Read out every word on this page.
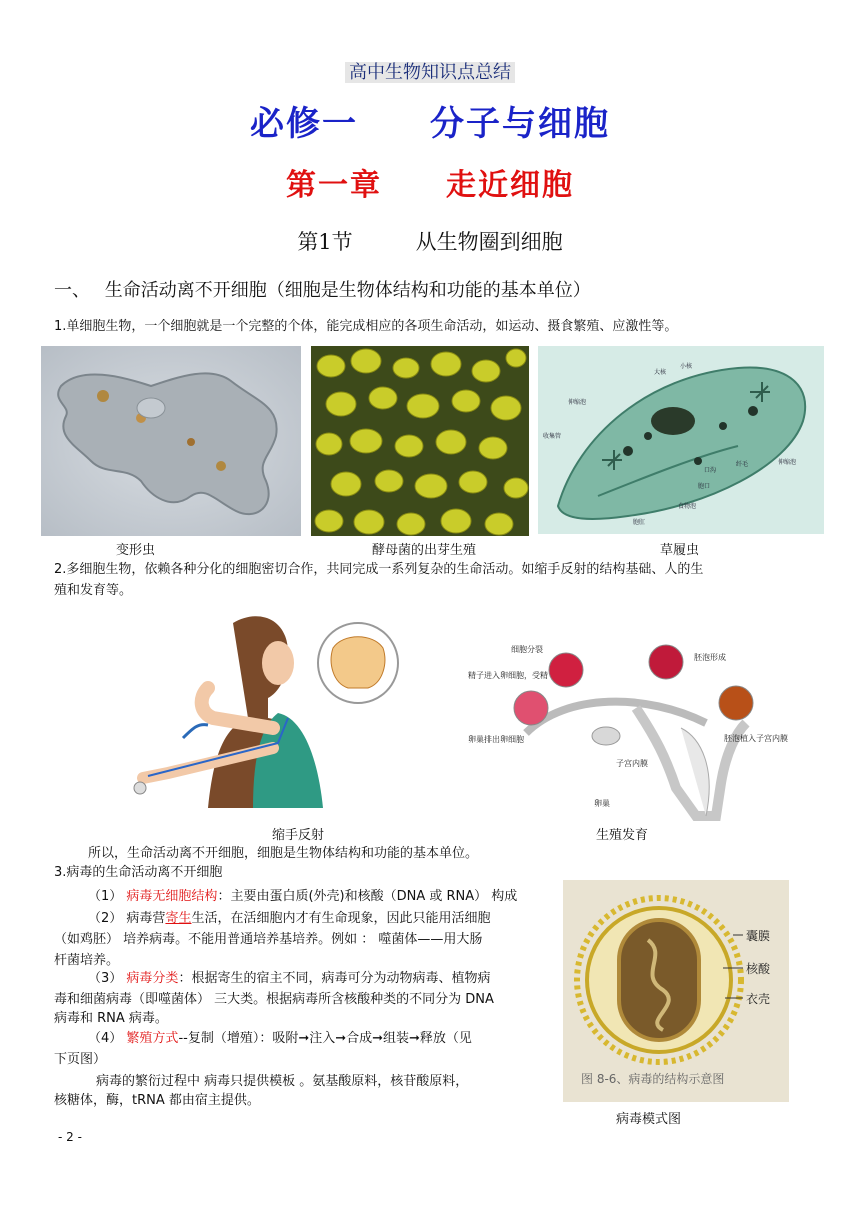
高中生物知识点总结
必修一　　分子与细胞
第一章　　走近细胞
第1节　　　从生物圈到细胞
一、　 生命活动离不开细胞（细胞是生物体结构和功能的基本单位）
1.单细胞生物，一个细胞就是一个完整的个体，能完成相应的各项生命活动，如运动、摄食繁殖、应激性等。
伸缩泡
大核
小核
收集管
伸缩泡
纤毛
口沟
胞口
食物泡
胞肛
变形虫	酵母菌的出芽生殖	草履虫
2.多细胞生物，依赖各种分化的细胞密切合作，共同完成一系列复杂的生命活动。如缩手反射的结构基础、人的生
殖和发育等。
细胞分裂
胚泡形成
精子进入卵细胞，受精
卵巢排出卵细胞	胚泡植入子宫内膜
子宫内膜
卵巢
缩手反射	生殖发育
所以，生命活动离不开细胞，细胞是生物体结构和功能的基本单位。
3.病毒的生命活动离不开细胞
（1） 病毒无细胞结构：主要由蛋白质(外壳)和核酸（DNA 或 RNA） 构成
（2） 病毒营寄生生活，在活细胞内才有生命现象，因此只能用活细胞
（如鸡胚） 培养病毒。不能用普通培养基培养。例如 ： 噬菌体——用大肠
杆菌培养。
（3） 病毒分类：根据寄生的宿主不同，病毒可分为动物病毒、植物病
毒和细菌病毒（即噬菌体） 三大类。根据病毒所含核酸种类的不同分为 DNA
病毒和 RNA 病毒。
（4） 繁殖方式--复制（增殖）：吸附➞注入➞合成➞组装➞释放（见
下页图）
病毒的繁衍过程中 病毒只提供模板 。氨基酸原料，核苷酸原料，
核糖体，酶，tRNA 都由宿主提供。
囊膜
核酸
衣壳
图 8-6、病毒的结构示意图
病毒模式图
- 2 -
